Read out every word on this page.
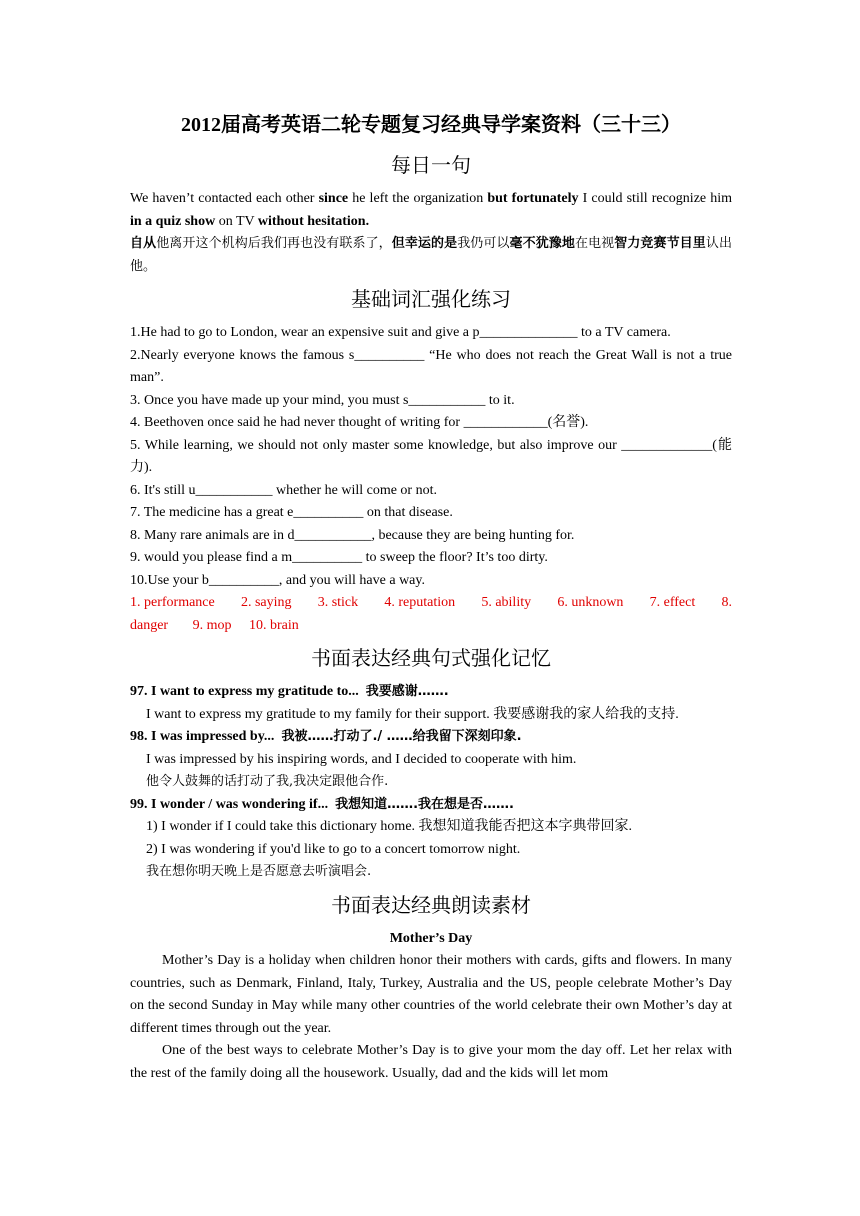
2012届高考英语二轮专题复习经典导学案资料（三十三）
每日一句

We haven’t contacted each other since he left the organization but fortunately I could still recognize him in a quiz show on TV without hesitation.

自从他离开这个机构后我们再也没有联系了，但幸运的是我仍可以毫不犹豫地在电视智力竞赛节目里认出他。

基础词汇强化练习

1.He had to go to London, wear an expensive suit and give a p______________ to a TV camera.

2.Nearly everyone knows the famous s__________ “He who does not reach the Great Wall is not a true man”.

3. Once you have made up your mind, you must s___________ to it.

4. Beethoven once said he had never thought of writing for ____________(名誉).

5. While learning, we should not only master some knowledge, but also improve our _____________(能力).

6. It's still u___________ whether he will come or not.

7. The medicine has a great e__________ on that disease.

8. Many rare animals are in d___________, because they are being hunting for.

9. would you please find a m__________ to sweep the floor? It’s too dirty.

10.Use your b__________, and you will have a way.

1. performance 2. saying 3. stick 4. reputation 5. ability 6. unknown 7. effect 8.
danger 9. mop 10. brain
书面表达经典句式强化记忆

97. I want to express my gratitude to... 我要感谢…….

I want to express my gratitude to my family for their support. 我要感谢我的家人给我的支持.

98. I was impressed by... 我被……打动了./ ……给我留下深刻印象.

I was impressed by his inspiring words, and I decided to cooperate with him.

他令人鼓舞的话打动了我,我决定跟他合作.

99. I wonder / was wondering if... 我想知道…….我在想是否…….

1) I wonder if I could take this dictionary home. 我想知道我能否把这本字典带回家.

2) I was wondering if you'd like to go to a concert tomorrow night.

我在想你明天晚上是否愿意去听演唱会.

书面表达经典朗读素材

Mother’s Day

Mother’s Day is a holiday when children honor their mothers with cards, gifts and flowers. In many countries, such as Denmark, Finland, Italy, Turkey, Australia and the US, people celebrate Mother’s Day on the second Sunday in May while many other countries of the world celebrate their own Mother’s day at different times through out the year.

One of the best ways to celebrate Mother’s Day is to give your mom the day off. Let her relax with the rest of the family doing all the housework. Usually, dad and the kids will let mom
